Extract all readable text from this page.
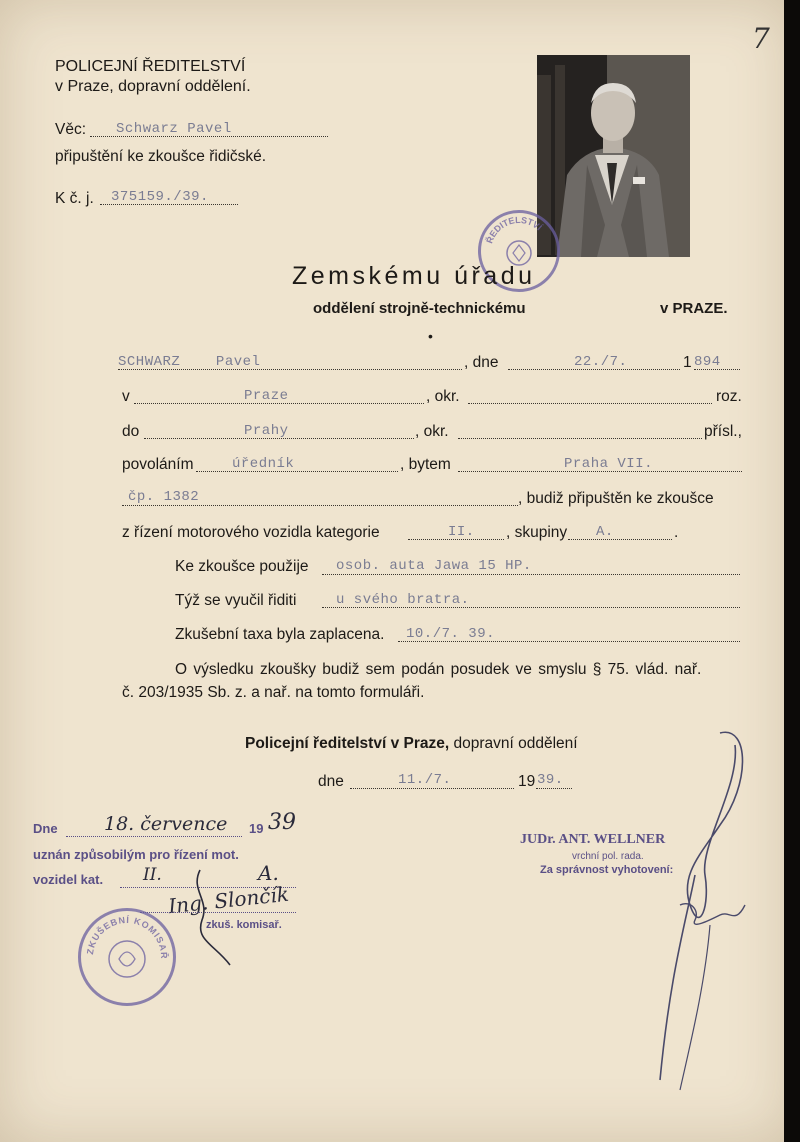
7
POLICEJNÍ ŘEDITELSTVÍ
v Praze, dopravní oddělení.
Věc: Schwarz Pavel
připuštění ke zkoušce řidičské.
K č. j. 375159./39.
ŘEDITELSTVÍ
Zemskému úřadu
oddělení strojně-technickému	v PRAZE.
•
SCHWARZ    Pavel	, dne	22./7.	1 894
v	Praze	, okr.	roz.
do	Prahy	, okr.	přísl.,
povoláním	úředník	, bytem	Praha VII.
čp. 1382	, budiž připuštěn ke zkoušce
z řízení motorového vozidla kategorie	II. , skupiny A.	.
Ke zkoušce použije osob. auta Jawa 15 HP.
Týž se vyučil řiditi	u svého bratra.
Zkušební taxa byla zaplacena. 10./7. 39.
O výsledku zkoušky budiž sem podán posudek ve smyslu § 75. vlád. nař.
č. 203/1935 Sb. z. a nař. na tomto formuláři.
Policejní ředitelství v Praze, dopravní oddělení
dne	11./7.	19 39.
Dne 18. července 19 39
uznán způsobilým pro řízení mot.
vozidel kat. II.	A.
Ing. Slončík
zkuš. komisař.
ZKUŠEBNÍ KOMISAŘ
JUDr. ANT. WELLNER
vrchní pol. rada.
Za správnost vyhotovení:
